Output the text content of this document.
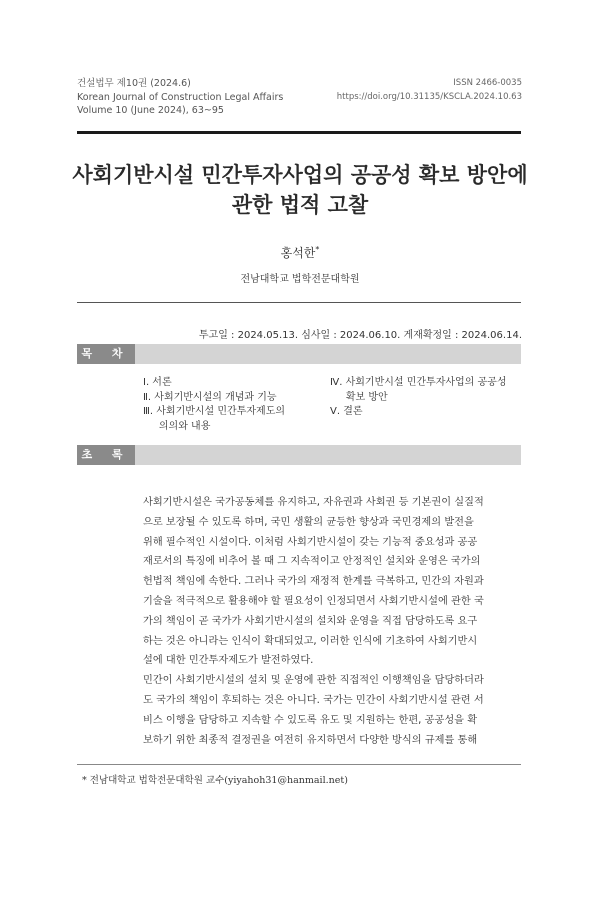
건설법무 제10권 (2024.6)
Korean Journal of Construction Legal Affairs
Volume 10 (June 2024), 63~95
ISSN 2466-0035
https://doi.org/10.31135/KSCLA.2024.10.63
사회기반시설 민간투자사업의 공공성 확보 방안에
관한 법적 고찰
홍석한*
전남대학교 법학전문대학원
투고일 : 2024.05.13. 심사일 : 2024.06.10. 게재확정일 : 2024.06.14.
목 차
Ⅰ. 서론
Ⅱ. 사회기반시설의 개념과 기능
Ⅲ. 사회기반시설 민간투자제도의
의의와 내용
Ⅳ. 사회기반시설 민간투자사업의 공공성
확보 방안
Ⅴ. 결론
초 록
사회기반시설은 국가공동체를 유지하고, 자유권과 사회권 등 기본권이 실질적
으로 보장될 수 있도록 하며, 국민 생활의 균등한 향상과 국민경제의 발전을
위해 필수적인 시설이다. 이처럼 사회기반시설이 갖는 기능적 중요성과 공공
재로서의 특징에 비추어 볼 때 그 지속적이고 안정적인 설치와 운영은 국가의
헌법적 책임에 속한다. 그러나 국가의 재정적 한계를 극복하고, 민간의 자원과
기술을 적극적으로 활용해야 할 필요성이 인정되면서 사회기반시설에 관한 국
가의 책임이 곧 국가가 사회기반시설의 설치와 운영을 직접 담당하도록 요구
하는 것은 아니라는 인식이 확대되었고, 이러한 인식에 기초하여 사회기반시
설에 대한 민간투자제도가 발전하였다.
민간이 사회기반시설의 설치 및 운영에 관한 직접적인 이행책임을 담당하더라
도 국가의 책임이 후퇴하는 것은 아니다. 국가는 민간이 사회기반시설 관련 서
비스 이행을 담당하고 지속할 수 있도록 유도 및 지원하는 한편, 공공성을 확
보하기 위한 최종적 결정권을 여전히 유지하면서 다양한 방식의 규제를 통해
* 전남대학교 법학전문대학원 교수(yiyahoh31@hanmail.net)
